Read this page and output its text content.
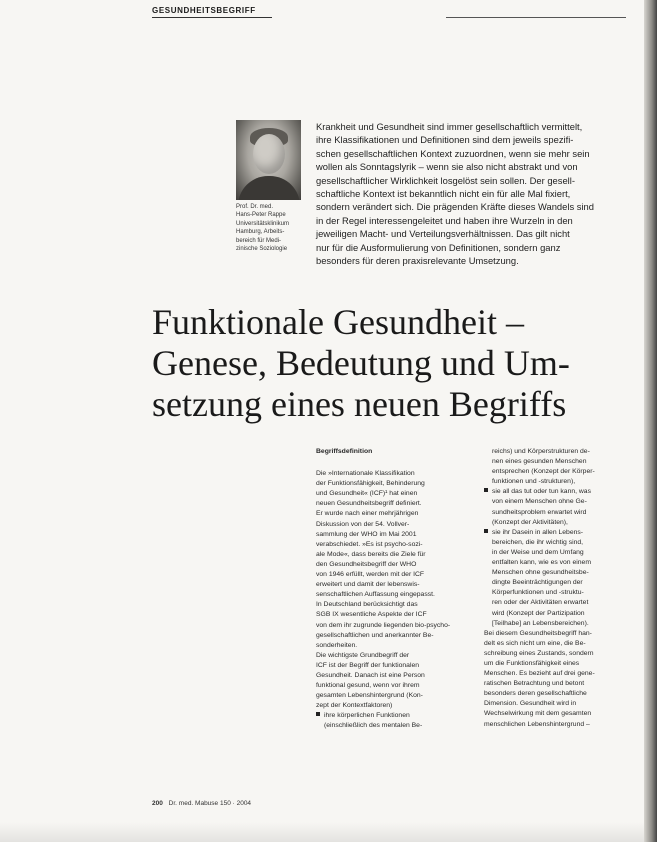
GESUNDHEITSBEGRIFF
Prof. Dr. med.
Hans-Peter Rappe
Universitätsklinikum
Hamburg, Arbeits-
bereich für Medi-
zinische Soziologie
Krankheit und Gesundheit sind immer gesellschaftlich vermittelt,
ihre Klassifikationen und Definitionen sind dem jeweils spezifi-
schen gesellschaftlichen Kontext zuzuordnen, wenn sie mehr sein
wollen als Sonntagslyrik – wenn sie also nicht abstrakt und von
gesellschaftlicher Wirklichkeit losgelöst sein sollen. Der gesell-
schaftliche Kontext ist bekanntlich nicht ein für alle Mal fixiert,
sondern verändert sich. Die prägenden Kräfte dieses Wandels sind
in der Regel interessengeleitet und haben ihre Wurzeln in den
jeweiligen Macht- und Verteilungsverhältnissen. Das gilt nicht
nur für die Ausformulierung von Definitionen, sondern ganz
besonders für deren praxisrelevante Umsetzung.
Funktionale Gesundheit –
Genese, Bedeutung und Um-
setzung eines neuen Begriffs
Begriffsdefinition
Die »Internationale Klassifikation
der Funktionsfähigkeit, Behinderung
und Gesundheit« (ICF)¹ hat einen
neuen Gesundheitsbegriff definiert.
Er wurde nach einer mehrjährigen
Diskussion von der 54. Vollver-
sammlung der WHO im Mai 2001
verabschiedet. »Es ist psycho-sozi-
ale Mode«, dass bereits die Ziele für
den Gesundheitsbegriff der WHO
von 1946 erfüllt, werden mit der ICF
erweitert und damit der lebenswis-
senschaftlichen Auffassung eingepasst.
In Deutschland berücksichtigt das
SGB IX wesentliche Aspekte der ICF
von dem ihr zugrunde liegenden bio-psycho-
gesellschaftlichen und anerkannter Be-
sonderheiten.
Die wichtigste Grundbegriff der
ICF ist der Begriff der funktionalen
Gesundheit. Danach ist eine Person
funktional gesund, wenn vor ihrem
gesamten Lebenshintergrund (Kon-
zept der Kontextfaktoren)
ihre körperlichen Funktionen
(einschließlich des mentalen Be-
reichs) und Körperstrukturen de-
nen eines gesunden Menschen
entsprechen (Konzept der Körper-
funktionen und -strukturen),
sie all das tut oder tun kann, was
von einem Menschen ohne Ge-
sundheitsproblem erwartet wird
(Konzept der Aktivitäten),
sie ihr Dasein in allen Lebens-
bereichen, die ihr wichtig sind,
in der Weise und dem Umfang
entfalten kann, wie es von einem
Menschen ohne gesundheitsbe-
dingte Beeinträchtigungen der
Körperfunktionen und -struktu-
ren oder der Aktivitäten erwartet
wird (Konzept der Partizipation
[Teilhabe] an Lebensbereichen).
Bei diesem Gesundheitsbegriff han-
delt es sich nicht um eine, die Be-
schreibung eines Zustands, sondern
um die Funktionsfähigkeit eines
Menschen. Es bezieht auf drei gene-
ratischen Betrachtung und betont
besonders deren gesellschaftliche
Dimension. Gesundheit wird in
Wechselwirkung mit dem gesamten
menschlichen Lebenshintergrund –
200 Dr. med. Mabuse 150 · 2004
